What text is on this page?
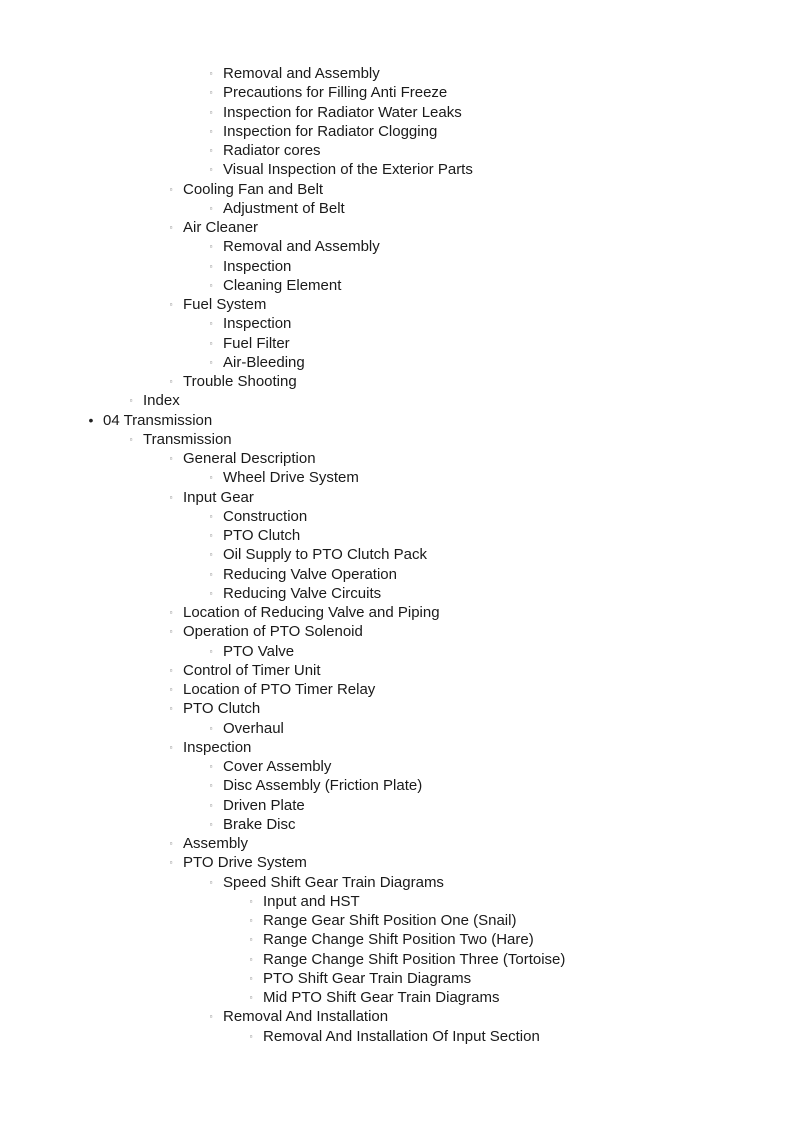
▫ Removal and Assembly
▫ Precautions for Filling Anti Freeze
▫ Inspection for Radiator Water Leaks
▫ Inspection for Radiator Clogging
▫ Radiator cores
▫ Visual Inspection of the Exterior Parts
▫ Cooling Fan and Belt
▫ Adjustment of Belt
▫ Air Cleaner
▫ Removal and Assembly
▫ Inspection
▫ Cleaning Element
▫ Fuel System
▫ Inspection
▫ Fuel Filter
▫ Air-Bleeding
▫ Trouble Shooting
▫ Index
• 04 Transmission
▫ Transmission
▫ General Description
▫ Wheel Drive System
▫ Input Gear
▫ Construction
▫ PTO Clutch
▫ Oil Supply to PTO Clutch Pack
▫ Reducing Valve Operation
▫ Reducing Valve Circuits
▫ Location of Reducing Valve and Piping
▫ Operation of PTO Solenoid
▫ PTO Valve
▫ Control of Timer Unit
▫ Location of PTO Timer Relay
▫ PTO Clutch
▫ Overhaul
▫ Inspection
▫ Cover Assembly
▫ Disc Assembly (Friction Plate)
▫ Driven Plate
▫ Brake Disc
▫ Assembly
▫ PTO Drive System
▫ Speed Shift Gear Train Diagrams
▫ Input and HST
▫ Range Gear Shift Position One (Snail)
▫ Range Change Shift Position Two (Hare)
▫ Range Change Shift Position Three (Tortoise)
▫ PTO Shift Gear Train Diagrams
▫ Mid PTO Shift Gear Train Diagrams
▫ Removal And Installation
▫ Removal And Installation Of Input Section
